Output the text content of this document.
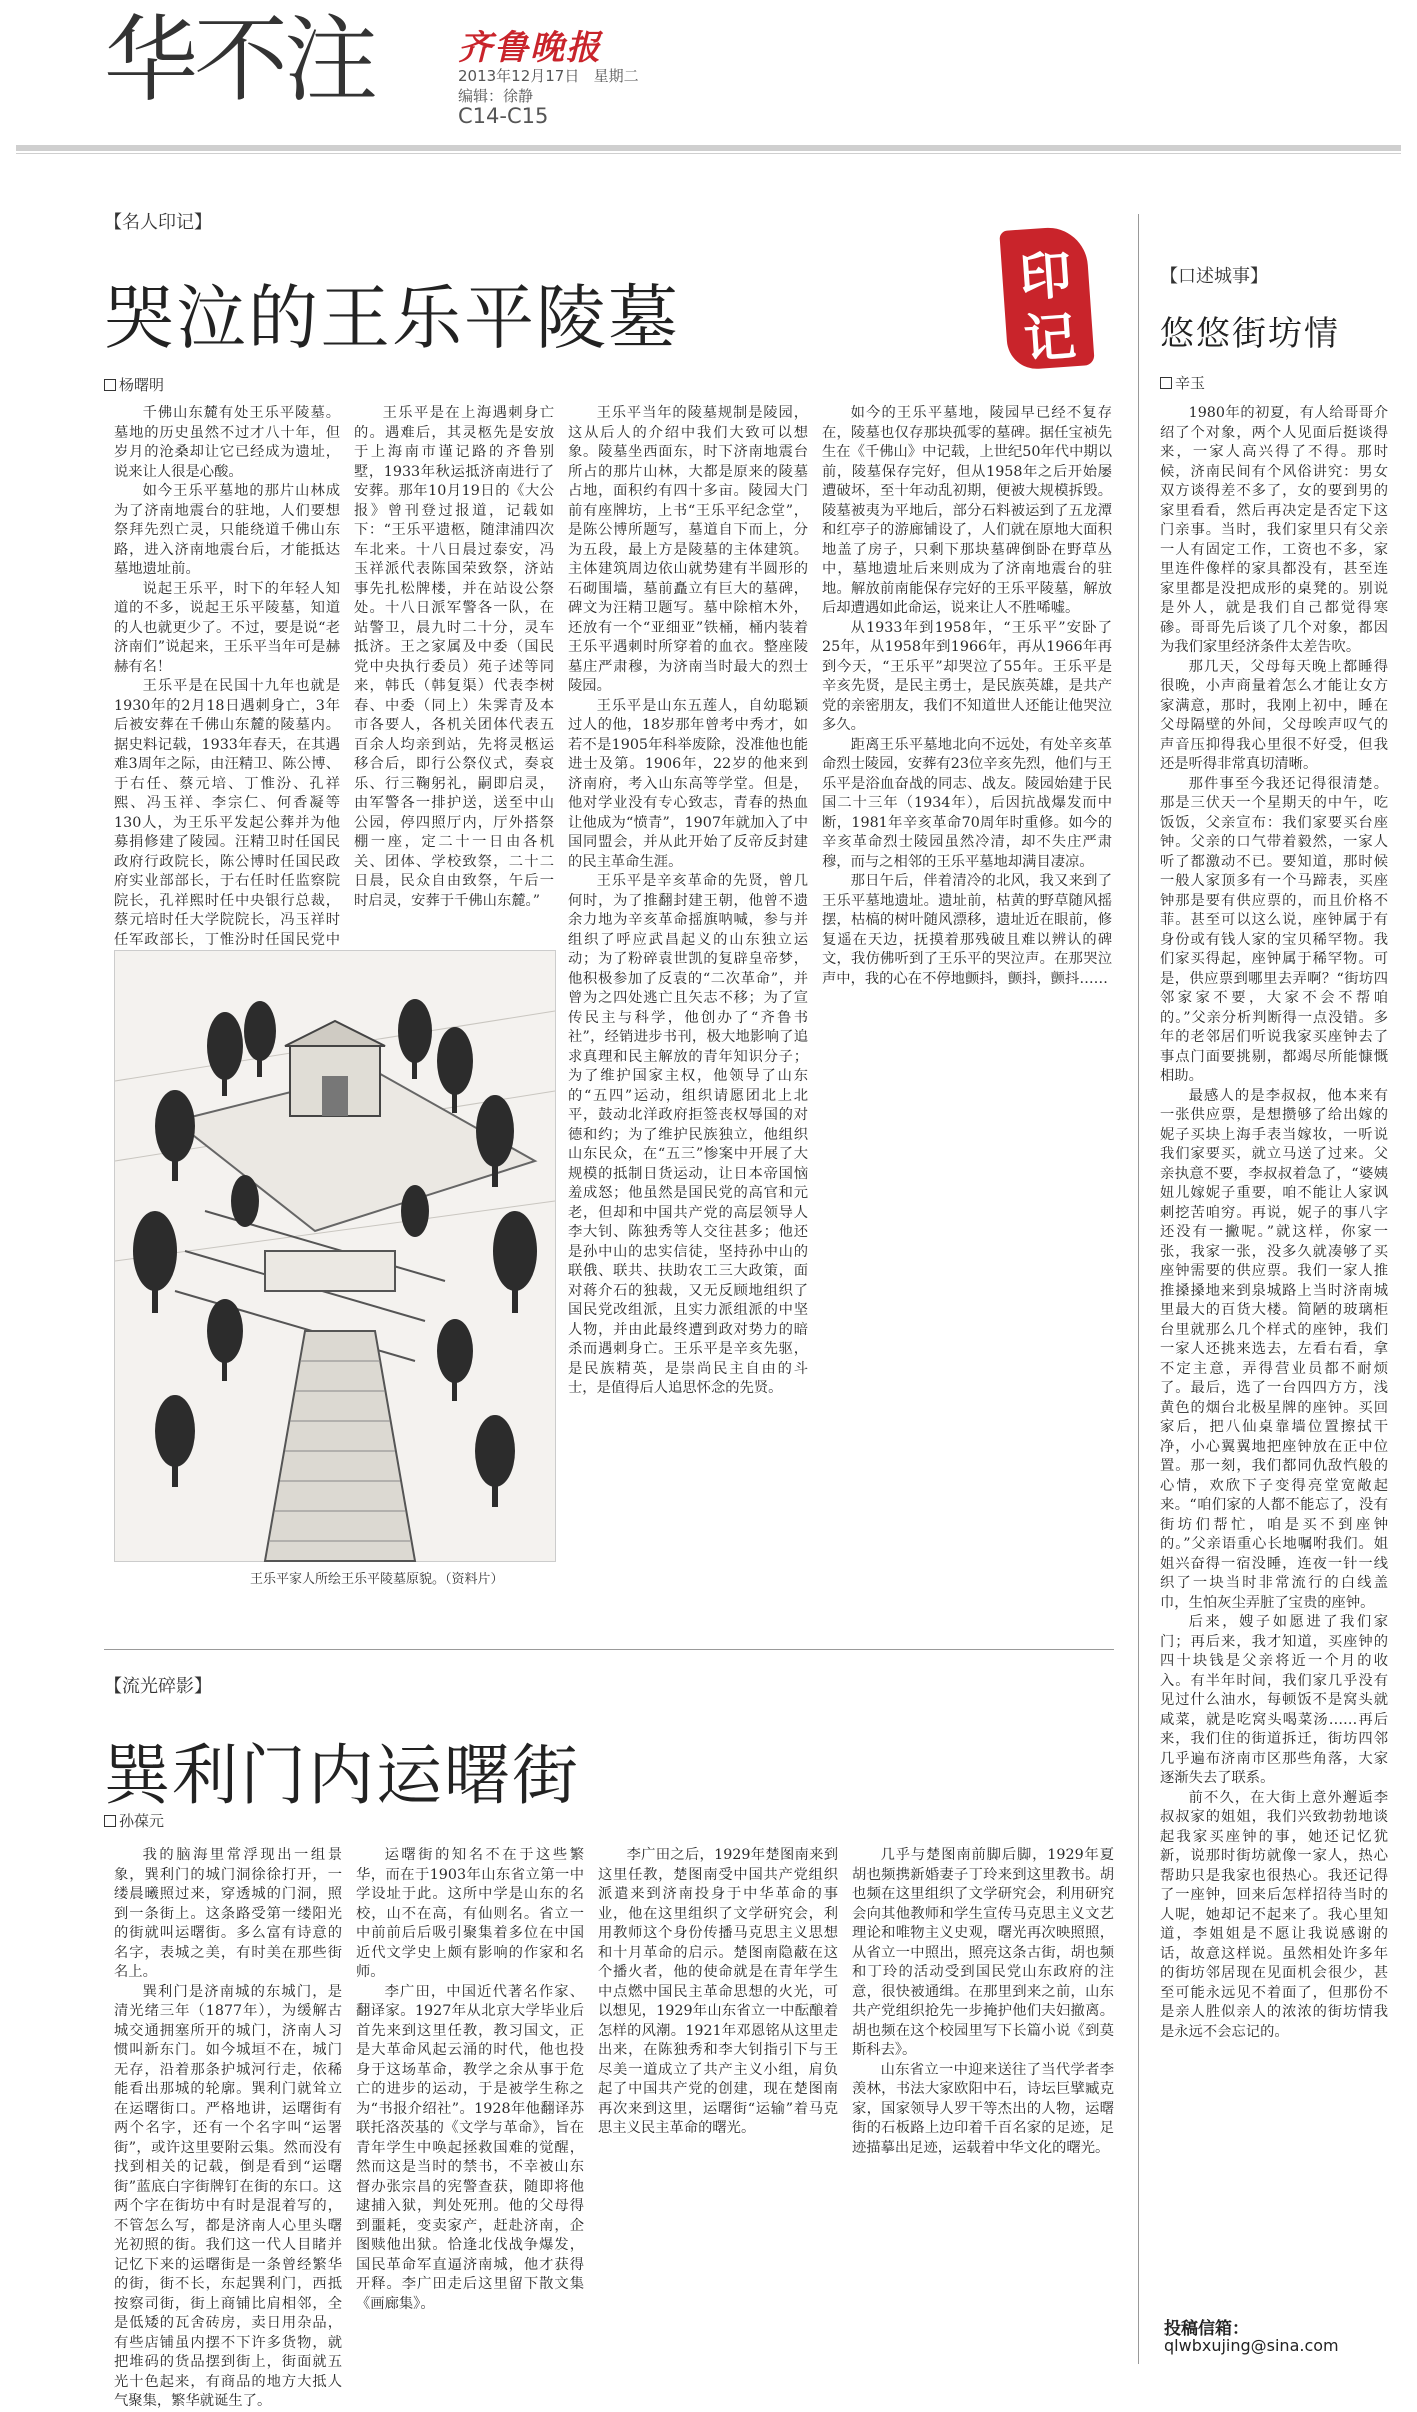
华不注 齐鲁晚报
2013年12月17日 星期二
编辑：徐静
C14-C15
【名人印记】
哭泣的王乐平陵墓
杨曙明
印
记

千佛山东麓有处王乐平陵墓。墓地的历史虽然不过才八十年，但岁月的沧桑却让它已经成为遗址，说来让人很是心酸。

如今王乐平墓地的那片山林成为了济南地震台的驻地，人们要想祭拜先烈亡灵，只能绕道千佛山东路，进入济南地震台后，才能抵达墓地遗址前。

说起王乐平，时下的年轻人知道的不多，说起王乐平陵墓，知道的人也就更少了。不过，要是说“老济南们”说起来，王乐平当年可是赫赫有名！

王乐平是在民国十九年也就是1930年的2月18日遇刺身亡，3年后被安葬在千佛山东麓的陵墓内。据史料记载，1933年春天，在其遇难3周年之际，由汪精卫、陈公博、于右任、蔡元培、丁惟汾、孔祥熙、冯玉祥、李宗仁、何香凝等130人，为王乐平发起公葬并为他募捐修建了陵园。汪精卫时任国民政府行政院长，陈公博时任国民政府实业部部长，于右任时任监察院院长，孔祥熙时任中央银行总裁，蔡元培时任大学院院长，冯玉祥时任军政部长，丁惟汾时任国民党中

王乐平是在上海遇刺身亡的。遇难后，其灵柩先是安放于上海南市谨记路的齐鲁别墅，1933年秋运抵济南进行了安葬。那年10月19日的《大公报》曾刊登过报道，记载如下：“王乐平遗柩，随津浦四次车北来。十八日晨过泰安，冯玉祥派代表陈国荣致祭，济站事先扎松牌楼，并在站设公祭处。十八日派军警各一队，在站警卫，晨九时二十分，灵车抵济。王之家属及中委（国民党中央执行委员）苑子述等同来，韩氏（韩复渠）代表李树春、中委（同上）朱霁青及本市各要人，各机关团体代表五百余人均亲到站，先将灵柩运移合后，即行公祭仪式，奏哀乐、行三鞠躬礼，嗣即启灵，由军警各一排护送，送至中山公园，停四照厅内，厅外搭祭棚一座，定二十一日由各机关、团体、学校致祭，二十二日晨，民众自由致祭，午后一时启灵，安葬于千佛山东麓。”

王乐平家人所绘王乐平陵墓原貌。（资料片）

王乐平当年的陵墓规制是陵园，这从后人的介绍中我们大致可以想象。陵墓坐西面东，时下济南地震台所占的那片山林，大都是原来的陵墓占地，面积约有四十多亩。陵园大门前有座牌坊，上书“王乐平纪念堂”，是陈公博所题写，墓道自下而上，分为五段，最上方是陵墓的主体建筑。主体建筑周边依山就势建有半圆形的石砌围墙，墓前矗立有巨大的墓碑，碑文为汪精卫题写。墓中除棺木外，还放有一个“亚细亚”铁桶，桶内装着王乐平遇刺时所穿着的血衣。整座陵墓庄严肃穆，为济南当时最大的烈士陵园。

王乐平是山东五莲人，自幼聪颖过人的他，18岁那年曾考中秀才，如若不是1905年科举废除，没准他也能进士及第。1906年，22岁的他来到济南府，考入山东高等学堂。但是，他对学业没有专心致志，青春的热血让他成为“愤青”，1907年就加入了中国同盟会，并从此开始了反帝反封建的民主革命生涯。

王乐平是辛亥革命的先贤，曾几何时，为了推翻封建王朝，他曾不遗余力地为辛亥革命摇旗呐喊，参与并组织了呼应武昌起义的山东独立运动；为了粉碎袁世凯的复辟皇帝梦，他积极参加了反袁的“二次革命”，并曾为之四处逃亡且矢志不移；为了宣传民主与科学，他创办了“齐鲁书社”，经销进步书刊，极大地影响了追求真理和民主解放的青年知识分子；为了维护国家主权，他领导了山东的“五四”运动，组织请愿团北上北平，鼓动北洋政府拒签丧权辱国的对德和约；为了维护民族独立，他组织山东民众，在“五三”惨案中开展了大规模的抵制日货运动，让日本帝国恼羞成怒；他虽然是国民党的高官和元老，但却和中国共产党的高层领导人李大钊、陈独秀等人交往甚多；他还是孙中山的忠实信徒，坚持孙中山的联俄、联共、扶助农工三大政策，面对蒋介石的独裁，又无反顾地组织了国民党改组派，且实力派组派的中坚人物，并由此最终遭到政对势力的暗杀而遇刺身亡。王乐平是辛亥先驱，是民族精英，是崇尚民主自由的斗士，是值得后人追思怀念的先贤。

如今的王乐平墓地，陵园早已经不复存在，陵墓也仅存那块孤零的墓碑。据任宝祯先生在《千佛山》中记载，上世纪50年代中期以前，陵墓保存完好，但从1958年之后开始屡遭破坏，至十年动乱初期，便被大规模拆毁。陵墓被夷为平地后，部分石料被运到了五龙潭和红亭子的游廊铺设了，人们就在原地大面积地盖了房子，只剩下那块墓碑倒卧在野草丛中，墓地遗址后来则成为了济南地震台的驻地。解放前南能保存完好的王乐平陵墓，解放后却遭遇如此命运，说来让人不胜唏嘘。

从1933年到1958年，“王乐平”安卧了25年，从1958年到1966年，再从1966年再到今天，“王乐平”却哭泣了55年。王乐平是辛亥先贤，是民主勇士，是民族英雄，是共产党的亲密朋友，我们不知道世人还能让他哭泣多久。

距离王乐平墓地北向不远处，有处辛亥革命烈士陵园，安葬有23位辛亥先烈，他们与王乐平是浴血奋战的同志、战友。陵园始建于民国二十三年（1934年），后因抗战爆发而中断，1981年辛亥革命70周年时重修。如今的辛亥革命烈士陵园虽然冷清，却不失庄严肃穆，而与之相邻的王乐平墓地却满目凄凉。

那日午后，伴着清冷的北风，我又来到了王乐平墓地遗址。遗址前，枯黄的野草随风摇摆，枯槁的树叶随风漂移，遗址近在眼前，修复遥在天边，抚摸着那残破且难以辨认的碑文，我仿佛听到了王乐平的哭泣声。在那哭泣声中，我的心在不停地颤抖，颤抖，颤抖……

【流光碎影】
巽利门内运曙街
孙葆元

我的脑海里常浮现出一组景象，巽利门的城门洞徐徐打开，一缕晨曦照过来，穿透城的门洞，照到一条街上。这条路受第一缕阳光的街就叫运曙街。多么富有诗意的名字，表城之美，有时美在那些街名上。

巽利门是济南城的东城门，是清光绪三年（1877年），为缓解古城交通拥塞所开的城门，济南人习惯叫新东门。如今城垣不在，城门无存，沿着那条护城河行走，依稀能看出那城的轮廓。巽利门就耸立在运曙街口。严格地讲，运曙街有两个名字，还有一个名字叫“运署街”，或许这里要附云集。然而没有找到相关的记载，倒是看到“运曙街”蓝底白字街牌钉在街的东口。这两个字在街坊中有时是混着写的，不管怎么写，都是济南人心里头曙光初照的街。我们这一代人目睹并记忆下来的运曙街是一条曾经繁华的街，街不长，东起巽利门，西抵按察司街，街上商铺比肩相邻，全是低矮的瓦舍砖房，卖日用杂品，有些店铺虽内摆不下许多货物，就把堆码的货品摆到街上，街面就五光十色起来，有商品的地方大抵人气聚集，繁华就诞生了。

运曙街的知名不在于这些繁华，而在于1903年山东省立第一中学设址于此。这所中学是山东的名校，山不在高，有仙则名。省立一中前前后后吸引聚集着多位在中国近代文学史上颇有影响的作家和名师。

李广田，中国近代著名作家、翻译家。1927年从北京大学毕业后首先来到这里任教，教习国文，正是大革命风起云涌的时代，他也投身于这场革命，教学之余从事于危亡的进步的运动，于是被学生称之为“书报介绍社”。1928年他翻译苏联托洛茨基的《文学与革命》，旨在青年学生中唤起拯救国难的觉醒，然而这是当时的禁书，不幸被山东督办张宗昌的宪警查获，随即将他逮捕入狱，判处死刑。他的父母得到噩耗，变卖家产，赶赴济南，企图赎他出狱。恰逢北伐战争爆发，国民革命军直逼济南城，他才获得开释。李广田走后这里留下散文集《画廊集》。

李广田之后，1929年楚图南来到这里任教，楚图南受中国共产党组织派遣来到济南投身于中华革命的事业，他在这里组织了文学研究会，利用教师这个身份传播马克思主义思想和十月革命的启示。楚图南隐蔽在这个播火者，他的使命就是在青年学生中点燃中国民主革命思想的火光，可以想见，1929年山东省立一中酝酿着怎样的风潮。1921年邓恩铭从这里走出来，在陈独秀和李大钊指引下与王尽美一道成立了共产主义小组，肩负起了中国共产党的创建，现在楚图南再次来到这里，运曙街“运输”着马克思主义民主革命的曙光。

几乎与楚图南前脚后脚，1929年夏胡也频携新婚妻子丁玲来到这里教书。胡也频在这里组织了文学研究会，利用研究会向其他教师和学生宣传马克思主义文艺理论和唯物主义史观，曙光再次映照照，从省立一中照出，照亮这条古街，胡也频和丁玲的活动受到国民党山东政府的注意，很快被通缉。在那里到来之前，山东共产党组织抢先一步掩护他们夫妇撤离。胡也频在这个校园里写下长篇小说《到莫斯科去》。

山东省立一中迎来送往了当代学者李羡林，书法大家欧阳中石，诗坛巨擘臧克家，国家领导人罗干等杰出的人物，运曙街的石板路上边印着千百名家的足迹，足迹描摹出足迹，运载着中华文化的曙光。

【口述城事】
悠悠街坊情
辛玉

1980年的初夏，有人给哥哥介绍了个对象，两个人见面后挺谈得来，一家人高兴得了不得。那时候，济南民间有个风俗讲究：男女双方谈得差不多了，女的要到男的家里看看，然后再决定是否定下这门亲事。当时，我们家里只有父亲一人有固定工作，工资也不多，家里连件像样的家具都没有，甚至连家里都是没把成形的桌凳的。别说是外人，就是我们自己都觉得寒碜。哥哥先后谈了几个对象，都因为我们家里经济条件太差告吹。

那几天，父母每天晚上都睡得很晚，小声商量着怎么才能让女方家满意，那时，我刚上初中，睡在父母隔壁的外间，父母唉声叹气的声音压抑得我心里很不好受，但我还是听得非常真切清晰。

那件事至今我还记得很清楚。那是三伏天一个星期天的中午，吃饭饭，父亲宣布：我们家要买台座钟。父亲的口气带着毅然，一家人听了都激动不已。要知道，那时候一般人家顶多有一个马蹄表，买座钟那是要有供应票的，而且价格不菲。甚至可以这么说，座钟属于有身份或有钱人家的宝贝稀罕物。我们家买得起，座钟属于稀罕物。可是，供应票到哪里去弄啊？“街坊四邻家家不要，大家不会不帮咱的。”父亲分析判断得一点没错。多年的老邻居们听说我家买座钟去了事点门面要挑剔，都竭尽所能慷慨相助。

最感人的是李叔叔，他本来有一张供应票，是想攒够了给出嫁的妮子买块上海手表当嫁妆，一听说我们家要买，就立马送了过来。父亲执意不要，李叔叔着急了，“婆姨妞儿嫁妮子重要，咱不能让人家讽刺挖苦咱穷。再说，妮子的事八字还没有一撇呢。”就这样，你家一张，我家一张，没多久就凑够了买座钟需要的供应票。我们一家人推推搡搡地来到泉城路上当时济南城里最大的百货大楼。简陋的玻璃柜台里就那么几个样式的座钟，我们一家人还挑来选去，左看右看，拿不定主意，弄得营业员都不耐烦了。最后，选了一台四四方方，浅黄色的烟台北极星牌的座钟。买回家后，把八仙桌靠墙位置擦拭干净，小心翼翼地把座钟放在正中位置。那一刻，我们都同仇敌忾般的心情，欢欣下子变得亮堂宽敞起来。“咱们家的人都不能忘了，没有街坊们帮忙，咱是买不到座钟的。”父亲语重心长地嘱咐我们。姐姐兴奋得一宿没睡，连夜一针一线织了一块当时非常流行的白线盖巾，生怕灰尘弄脏了宝贵的座钟。

后来，嫂子如愿进了我们家门；再后来，我才知道，买座钟的四十块钱是父亲将近一个月的收入。有半年时间，我们家几乎没有见过什么油水，每顿饭不是窝头就咸菜，就是吃窝头喝菜汤……再后来，我们住的街道拆迁，街坊四邻几乎遍布济南市区那些角落，大家逐渐失去了联系。

前不久，在大街上意外邂逅李叔叔家的姐姐，我们兴致勃勃地谈起我家买座钟的事，她还记忆犹新，说那时街坊就像一家人，热心帮助只是我家也很热心。我还记得了一座钟，回来后怎样招待当时的人呢，她却记不起来了。我心里知道，李姐姐是不愿让我说感谢的话，故意这样说。虽然相处许多年的街坊邻居现在见面机会很少，甚至可能永远见不着面了，但那份不是亲人胜似亲人的浓浓的街坊情我是永远不会忘记的。

投稿信箱：
qlwbxujing@sina.com
